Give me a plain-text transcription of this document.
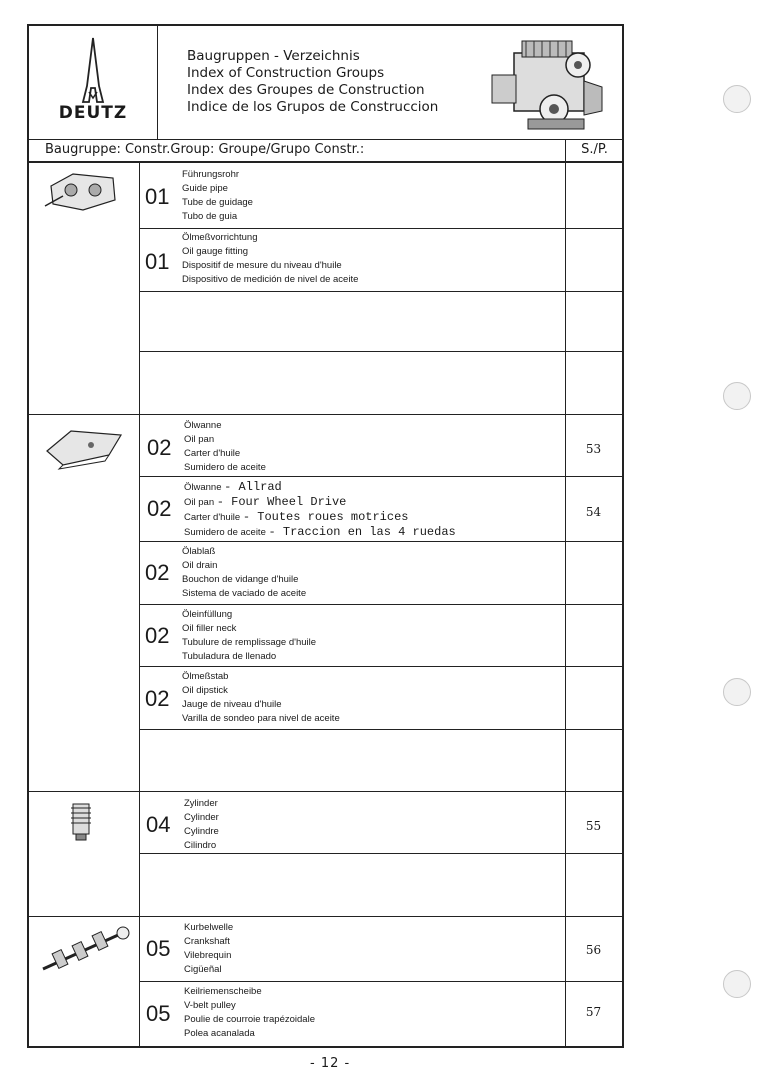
DEUTZ
Baugruppen - Verzeichnis
Index of Construction Groups
Index des Groupes de Construction
Indice de los Grupos de Construccion
Baugruppe: Constr.Group: Groupe/Grupo Constr.:	S./P.
01
Führungsrohr
Guide pipe
Tube de guidage
Tubo de guia
01
Ölmeßvorrichtung
Oil gauge fitting
Dispositif de mesure du niveau d'huile
Dispositivo de medición de nivel de aceite
02
Ölwanne
Oil pan
Carter d'huile
Sumidero de aceite
53
02
Ölwanne - Allrad
Oil pan - Four Wheel Drive
Carter d'huile - Toutes roues motrices
Sumidero de aceite - Traccion en las 4 ruedas
54
02
Ölablaß
Oil drain
Bouchon de vidange d'huile
Sistema de vaciado de aceite
02
Öleinfüllung
Oil filler neck
Tubulure de remplissage d'huile
Tubuladura de llenado
02
Ölmeßstab
Oil dipstick
Jauge de niveau d'huile
Varilla de sondeo para nivel de aceite
04
Zylinder
Cylinder
Cylindre
Cilindro
55
05
Kurbelwelle
Crankshaft
Vilebrequin
Cigüeñal
56
05
Keilriemenscheibe
V-belt pulley
Poulie de courroie trapézoidale
Polea acanalada
57
- 12 -
